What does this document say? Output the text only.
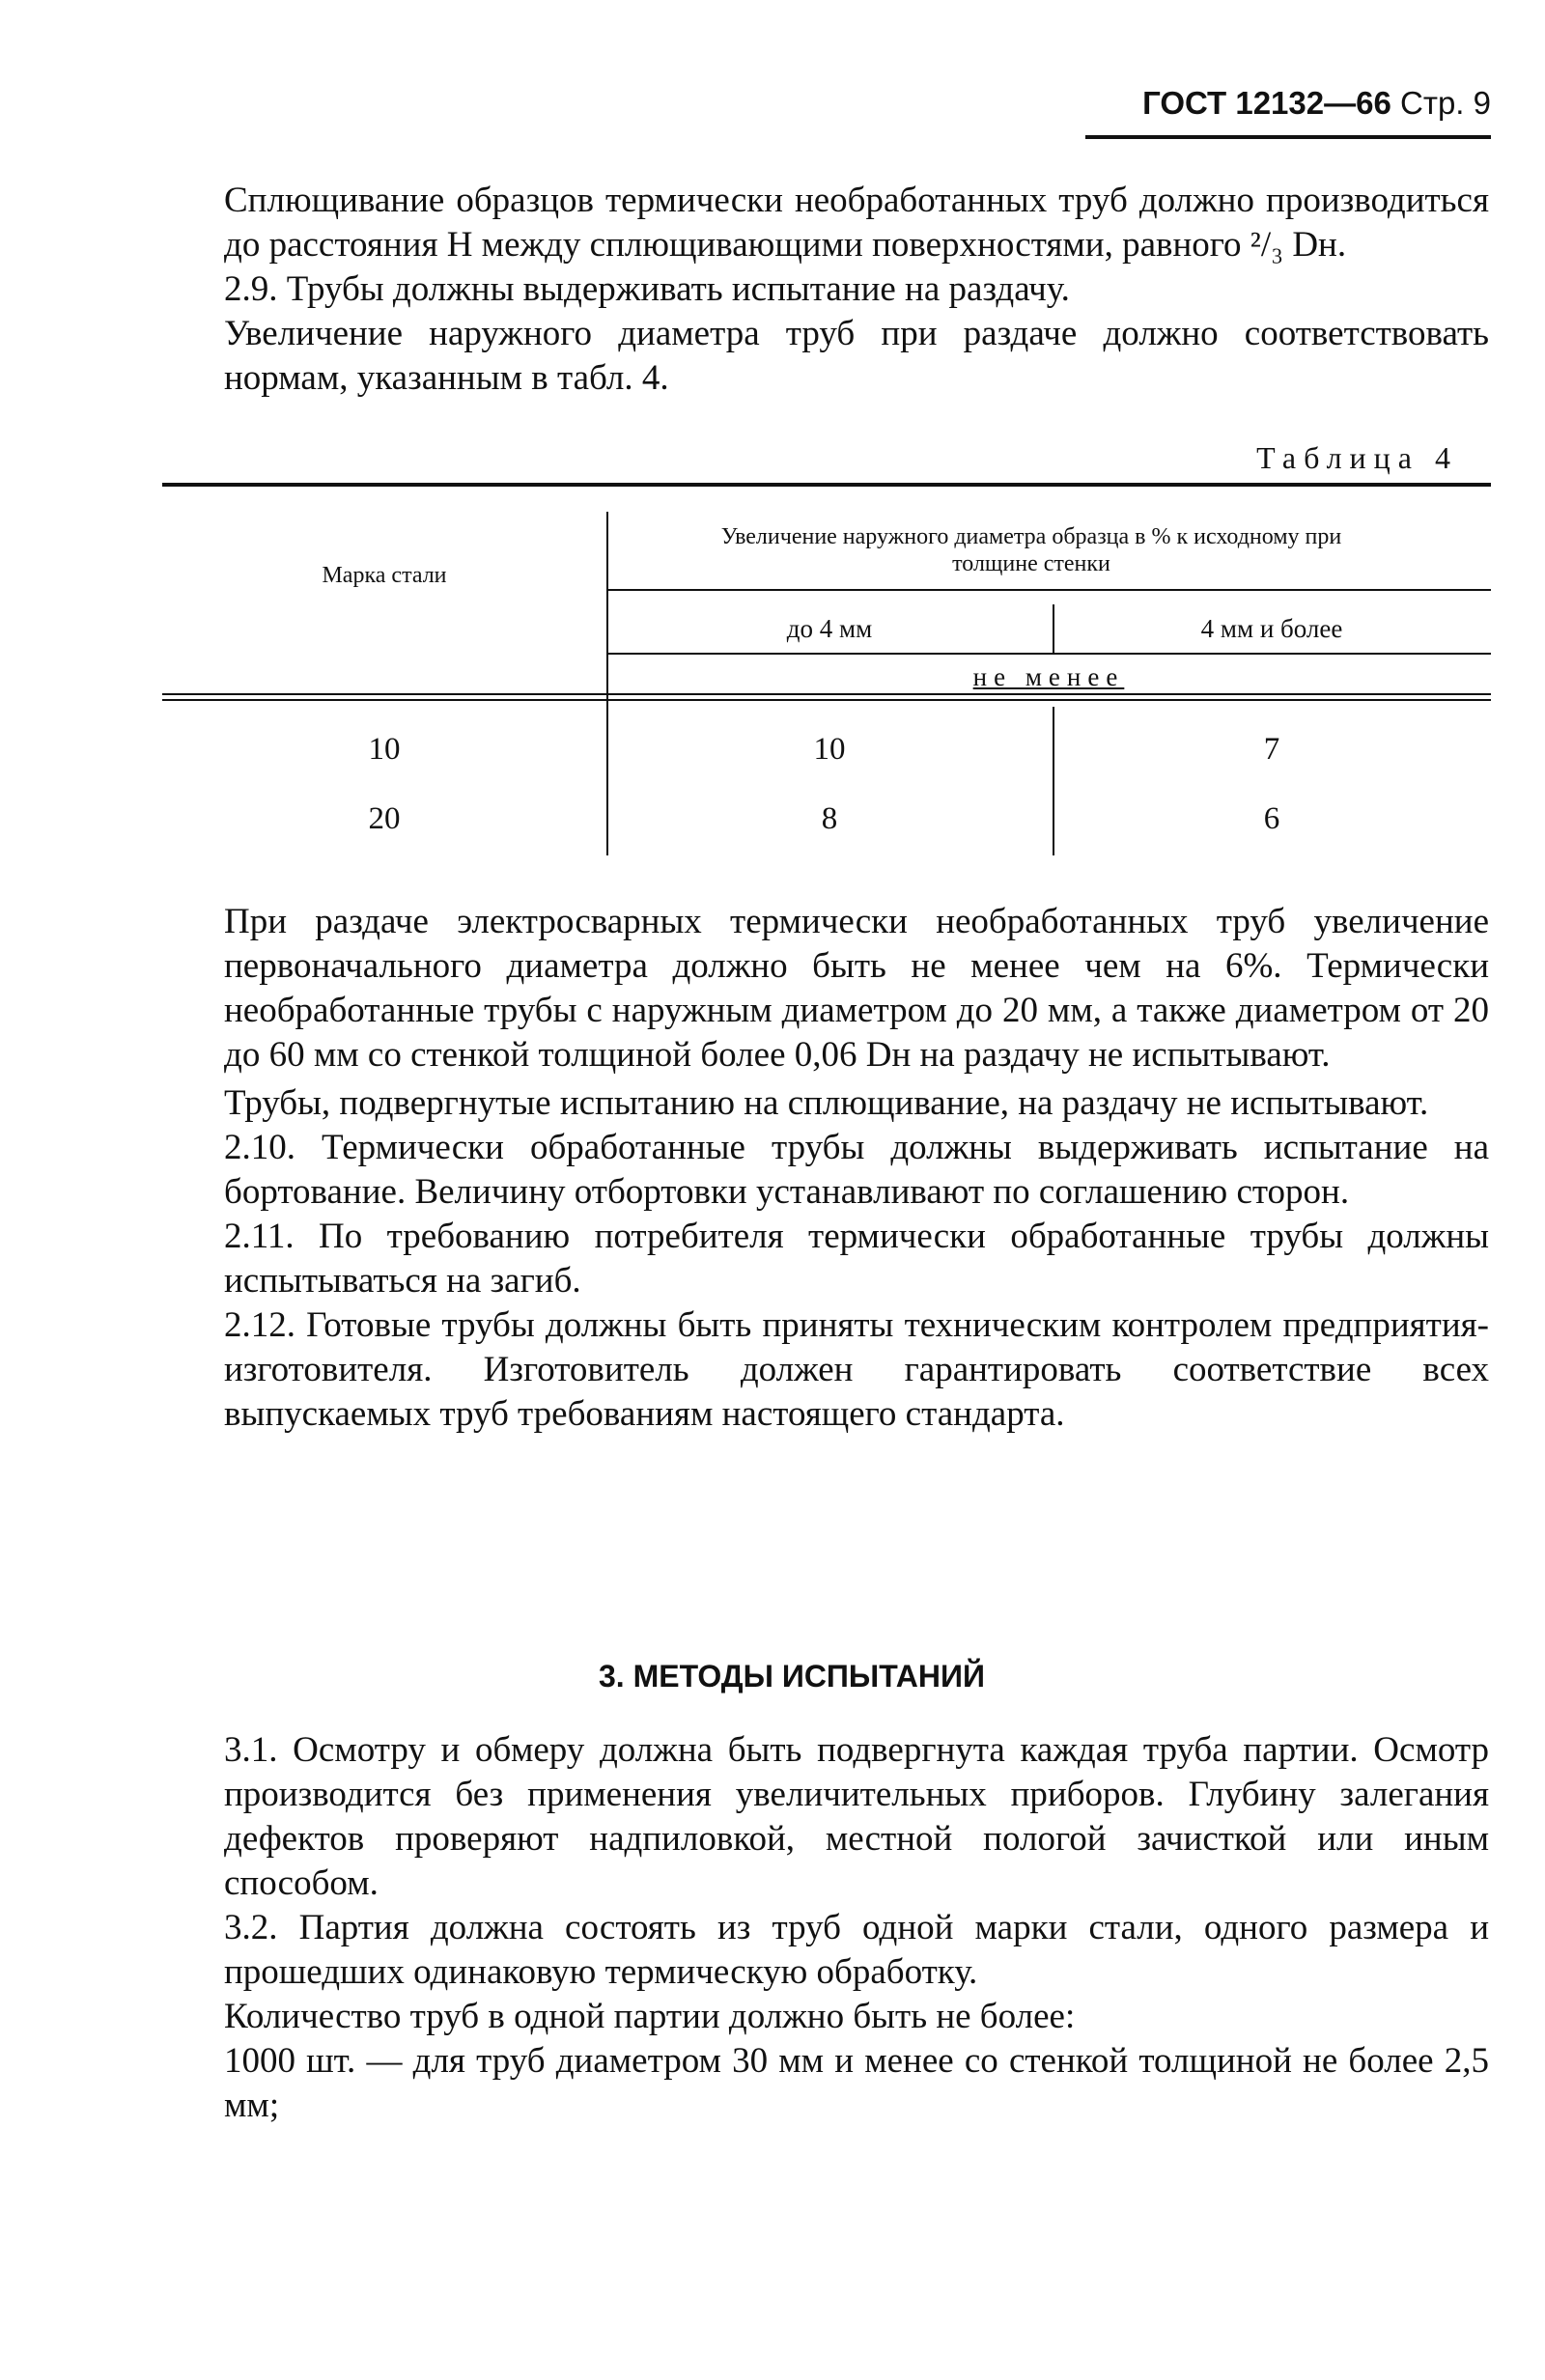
ГОСТ 12132—66 Стр. 9

Сплющивание образцов термически необработанных труб должно производиться до расстояния H между сплющивающими поверхностями, равного ²/₃ Dн.

2.9. Трубы должны выдерживать испытание на раздачу.

Увеличение наружного диаметра труб при раздаче должно соответствовать нормам, указанным в табл. 4.

Таблица 4
Марка стали
Увеличение наружного диаметра образца в % к исходному при толщине стенки
до 4 мм	4 мм и более
не менее
10	10	7
20	8	6

При раздаче электросварных термически необработанных труб увеличение первоначального диаметра должно быть не менее чем на 6%. Термически необработанные трубы с наружным диаметром до 20 мм, а также диаметром от 20 до 60 мм со стенкой толщиной более 0,06 Dн на раздачу не испытывают.

Трубы, подвергнутые испытанию на сплющивание, на раздачу не испытывают.

2.10. Термически обработанные трубы должны выдерживать испытание на бортование. Величину отбортовки устанавливают по соглашению сторон.

2.11. По требованию потребителя термически обработанные трубы должны испытываться на загиб.

2.12. Готовые трубы должны быть приняты техническим контролем предприятия-изготовителя. Изготовитель должен гарантировать соответствие всех выпускаемых труб требованиям настоящего стандарта.

3. МЕТОДЫ ИСПЫТАНИЙ

3.1. Осмотру и обмеру должна быть подвергнута каждая труба партии. Осмотр производится без применения увеличительных приборов. Глубину залегания дефектов проверяют надпиловкой, местной пологой зачисткой или иным способом.

3.2. Партия должна состоять из труб одной марки стали, одного размера и прошедших одинаковую термическую обработку.

Количество труб в одной партии должно быть не более:

1000 шт. — для труб диаметром 30 мм и менее со стенкой толщиной не более 2,5 мм;
